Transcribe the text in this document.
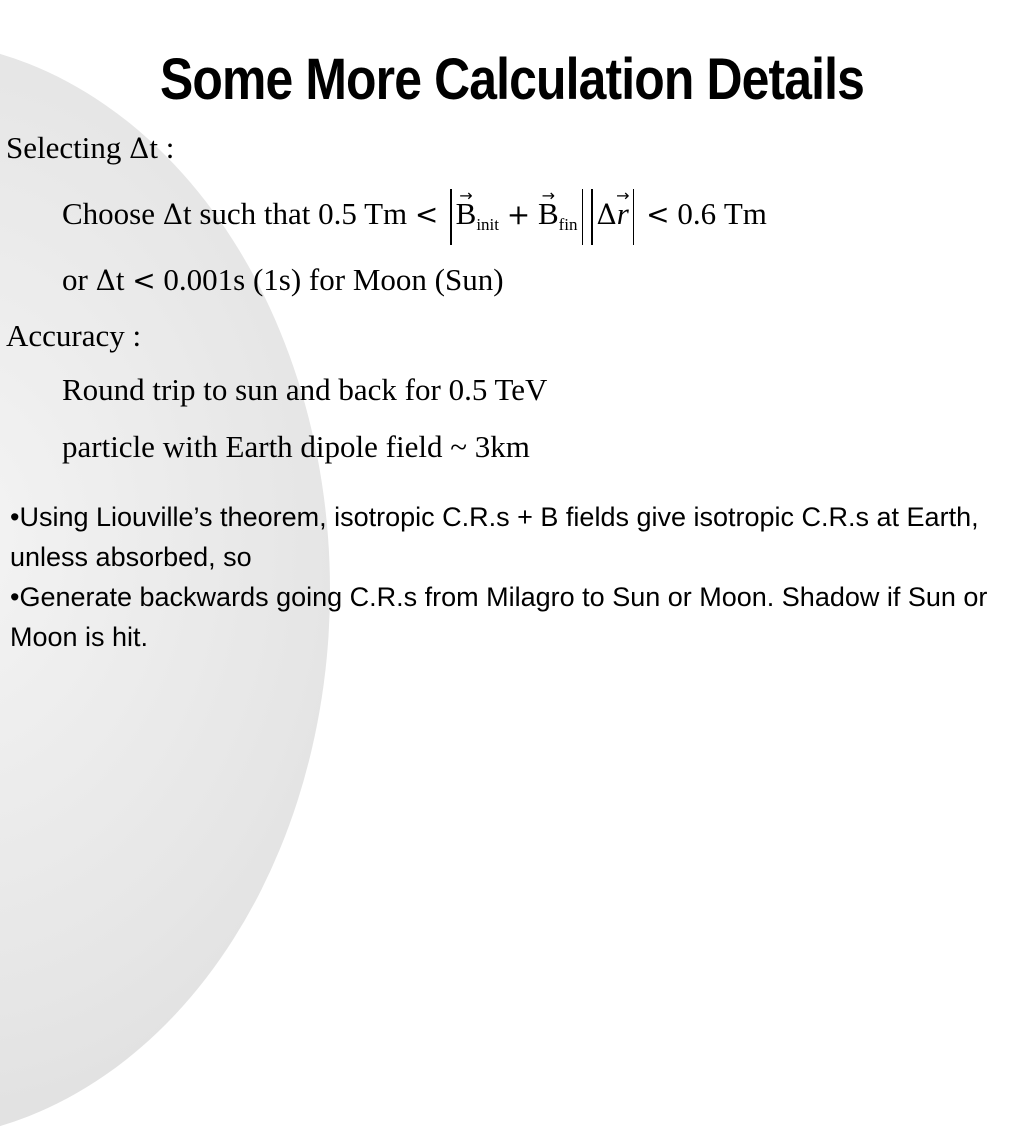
Some More Calculation Details
Selecting Δt :
Choose Δt such that 0.5 Tm < → $B_{init}$ + → $B_{fin}$ Δ→ r < 0.6 Tm
or Δt < 0.001s (1s) for Moon (Sun)
Accuracy :
Round trip to sun and back for 0.5 TeV
particle with Earth dipole field ~ 3km

•Using Liouville’s theorem, isotropic C.R.s + B fields give isotropic C.R.s at Earth, unless absorbed, so

•Generate backwards going C.R.s from Milagro to Sun or Moon. Shadow if Sun or Moon is hit.
